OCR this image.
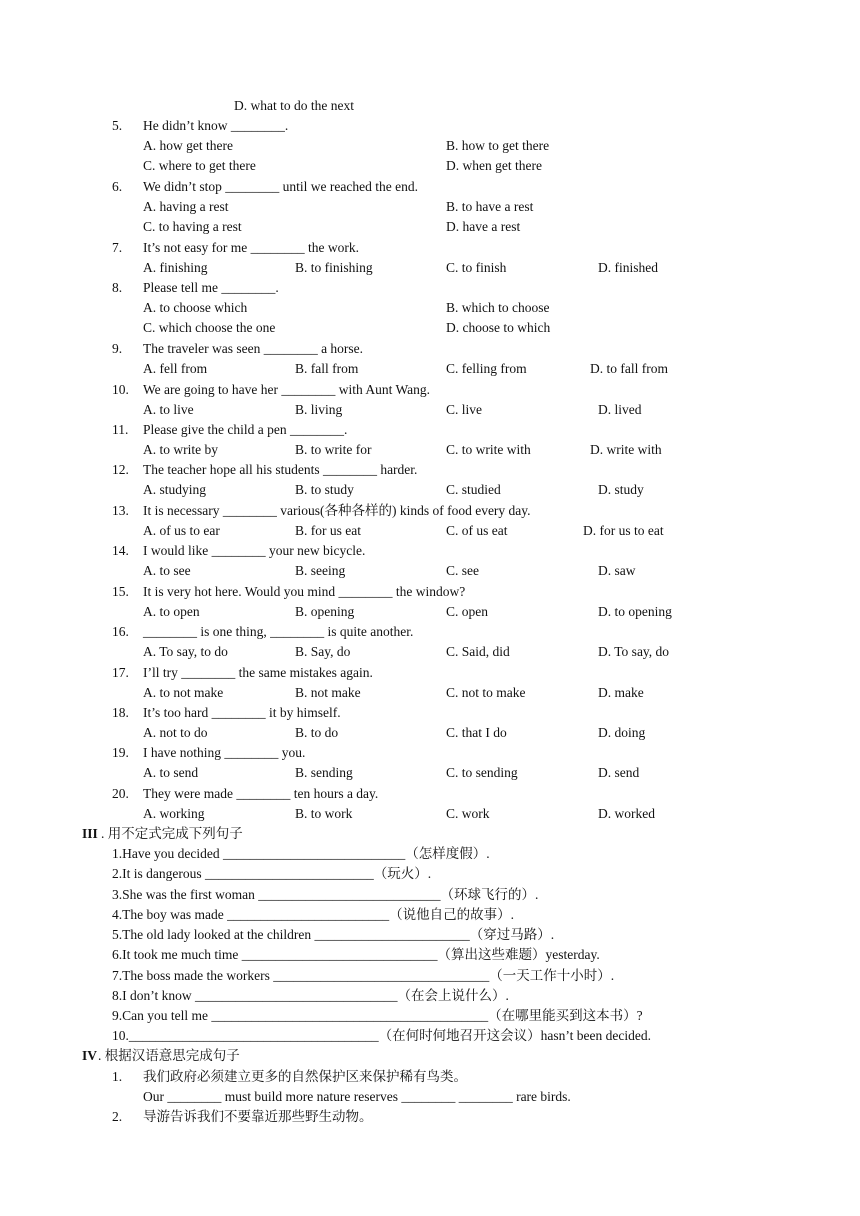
D. what to do the next
5. He didn’t know ________.
A. how get there	B. how to get there
C. where to get there	D. when get there
6. We didn’t stop ________ until we reached the end.
A. having a rest	B. to have a rest
C. to having a rest	D. have a rest
7. It’s not easy for me ________ the work.
A. finishing	B. to finishing	C. to finish	D. finished
8. Please tell me ________.
A. to choose which	B. which to choose
C. which choose the one	D. choose to which
9. The traveler was seen ________ a horse.
A. fell from	B. fall from	C. felling from	D. to fall from
10. We are going to have her ________ with Aunt Wang.
A. to live	B. living	C. live	D. lived
11. Please give the child a pen ________.
A. to write by	B. to write for	C. to write with	D. write with
12. The teacher hope all his students ________ harder.
A. studying	B. to study	C. studied	D. study
13. It is necessary ________ various(各种各样的) kinds of food every day.
A. of us to ear	B. for us eat	C. of us eat	D. for us to eat
14. I would like ________ your new bicycle.
A. to see	B. seeing	C. see	D. saw
15. It is very hot here. Would you mind ________ the window?
A. to open	B. opening	C. open	D. to opening
16. ________ is one thing, ________ is quite another.
A. To say, to do	B. Say, do	C. Said, did	D. To say, do
17. I’ll try ________ the same mistakes again.
A. to not make	B. not make	C. not to make	D. make
18. It’s too hard ________ it by himself.
A. not to do	B. to do	C. that I do	D. doing
19. I have nothing ________ you.
A. to send	B. sending	C. to sending	D. send
20. They were made ________ ten hours a day.
A. working	B. to work	C. work	D. worked
III . 用不定式完成下列句子
1.Have you decided ___________________________（怎样度假）.
2.It is dangerous _________________________（玩火）.
3.She was the first woman ___________________________（环球飞行的）.
4.The boy was made ________________________（说他自己的故事）.
5.The old lady looked at the children _______________________（穿过马路）.
6.It took me much time _____________________________（算出这些难题）yesterday.
7.The boss made the workers ________________________________（一天工作十小时）.
8.I don’t know ______________________________（在会上说什么）.
9.Can you tell me _________________________________________（在哪里能买到这本书）?
10._____________________________________（在何时何地召开这会议）hasn’t been decided.
IV . 根据汉语意思完成句子
1. 我们政府必须建立更多的自然保护区来保护稀有鸟类。
Our ________ must build more nature reserves ________ ________ rare birds.
2. 导游告诉我们不要靠近那些野生动物。
